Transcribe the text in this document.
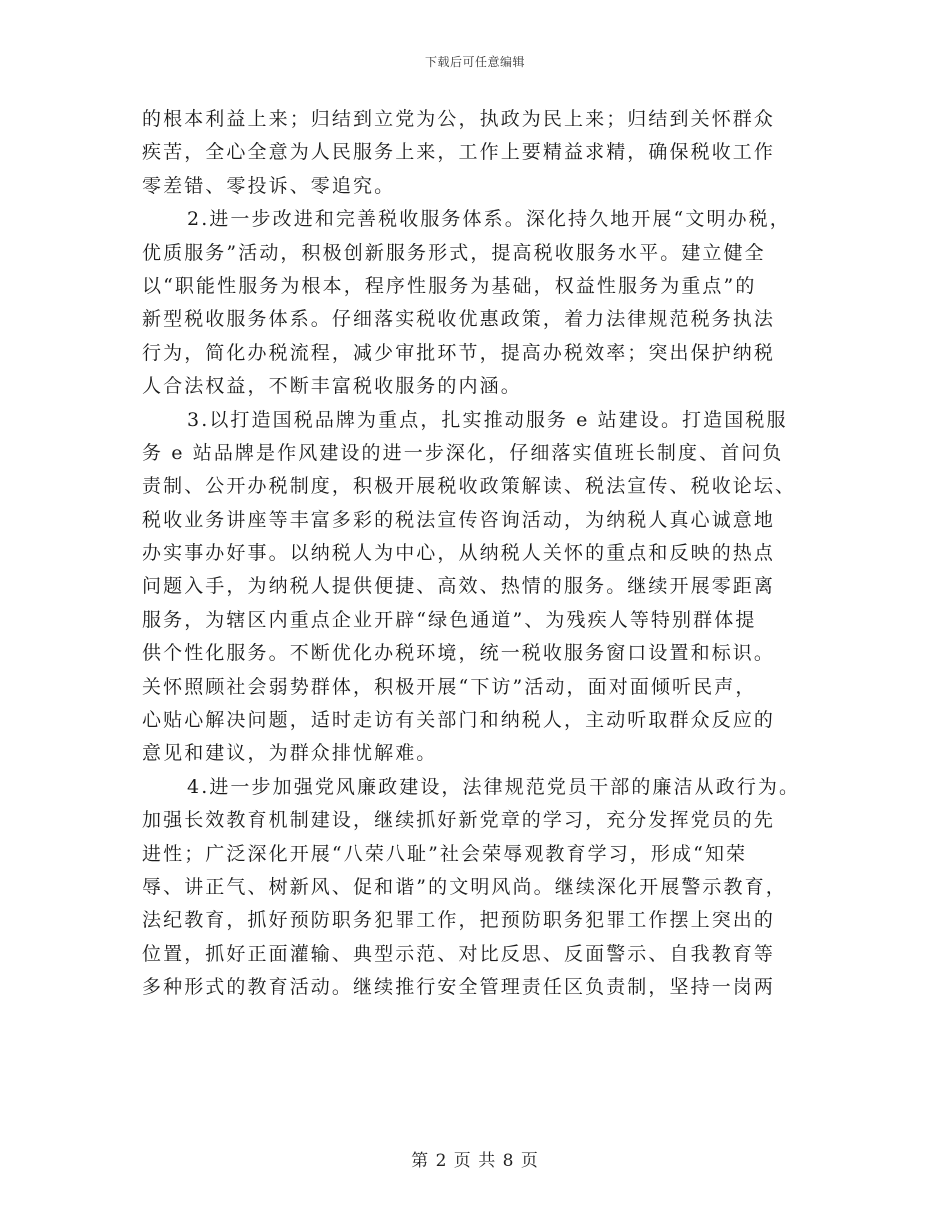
下载后可任意编辑
的根本利益上来；归结到立党为公，执政为民上来；归结到关怀群众
疾苦，全心全意为人民服务上来，工作上要精益求精，确保税收工作
零差错、零投诉、零追究。
2.进一步改进和完善税收服务体系。深化持久地开展“文明办税，
优质服务”活动，积极创新服务形式，提高税收服务水平。建立健全
以“职能性服务为根本，程序性服务为基础，权益性服务为重点”的
新型税收服务体系。仔细落实税收优惠政策，着力法律规范税务执法
行为，简化办税流程，减少审批环节，提高办税效率；突出保护纳税
人合法权益，不断丰富税收服务的内涵。
3.以打造国税品牌为重点，扎实推动服务 e 站建设。打造国税服
务 e 站品牌是作风建设的进一步深化，仔细落实值班长制度、首问负
责制、公开办税制度，积极开展税收政策解读、税法宣传、税收论坛、
税收业务讲座等丰富多彩的税法宣传咨询活动，为纳税人真心诚意地
办实事办好事。以纳税人为中心，从纳税人关怀的重点和反映的热点
问题入手，为纳税人提供便捷、高效、热情的服务。继续开展零距离
服务，为辖区内重点企业开辟“绿色通道”、为残疾人等特别群体提
供个性化服务。不断优化办税环境，统一税收服务窗口设置和标识。
关怀照顾社会弱势群体，积极开展“下访”活动，面对面倾听民声，
心贴心解决问题，适时走访有关部门和纳税人，主动听取群众反应的
意见和建议，为群众排忧解难。
4.进一步加强党风廉政建设，法律规范党员干部的廉洁从政行为。
加强长效教育机制建设，继续抓好新党章的学习，充分发挥党员的先
进性；广泛深化开展“八荣八耻”社会荣辱观教育学习，形成“知荣
辱、讲正气、树新风、促和谐”的文明风尚。继续深化开展警示教育，
法纪教育，抓好预防职务犯罪工作，把预防职务犯罪工作摆上突出的
位置，抓好正面灌输、典型示范、对比反思、反面警示、自我教育等
多种形式的教育活动。继续推行安全管理责任区负责制，坚持一岗两
第 2 页 共 8 页
